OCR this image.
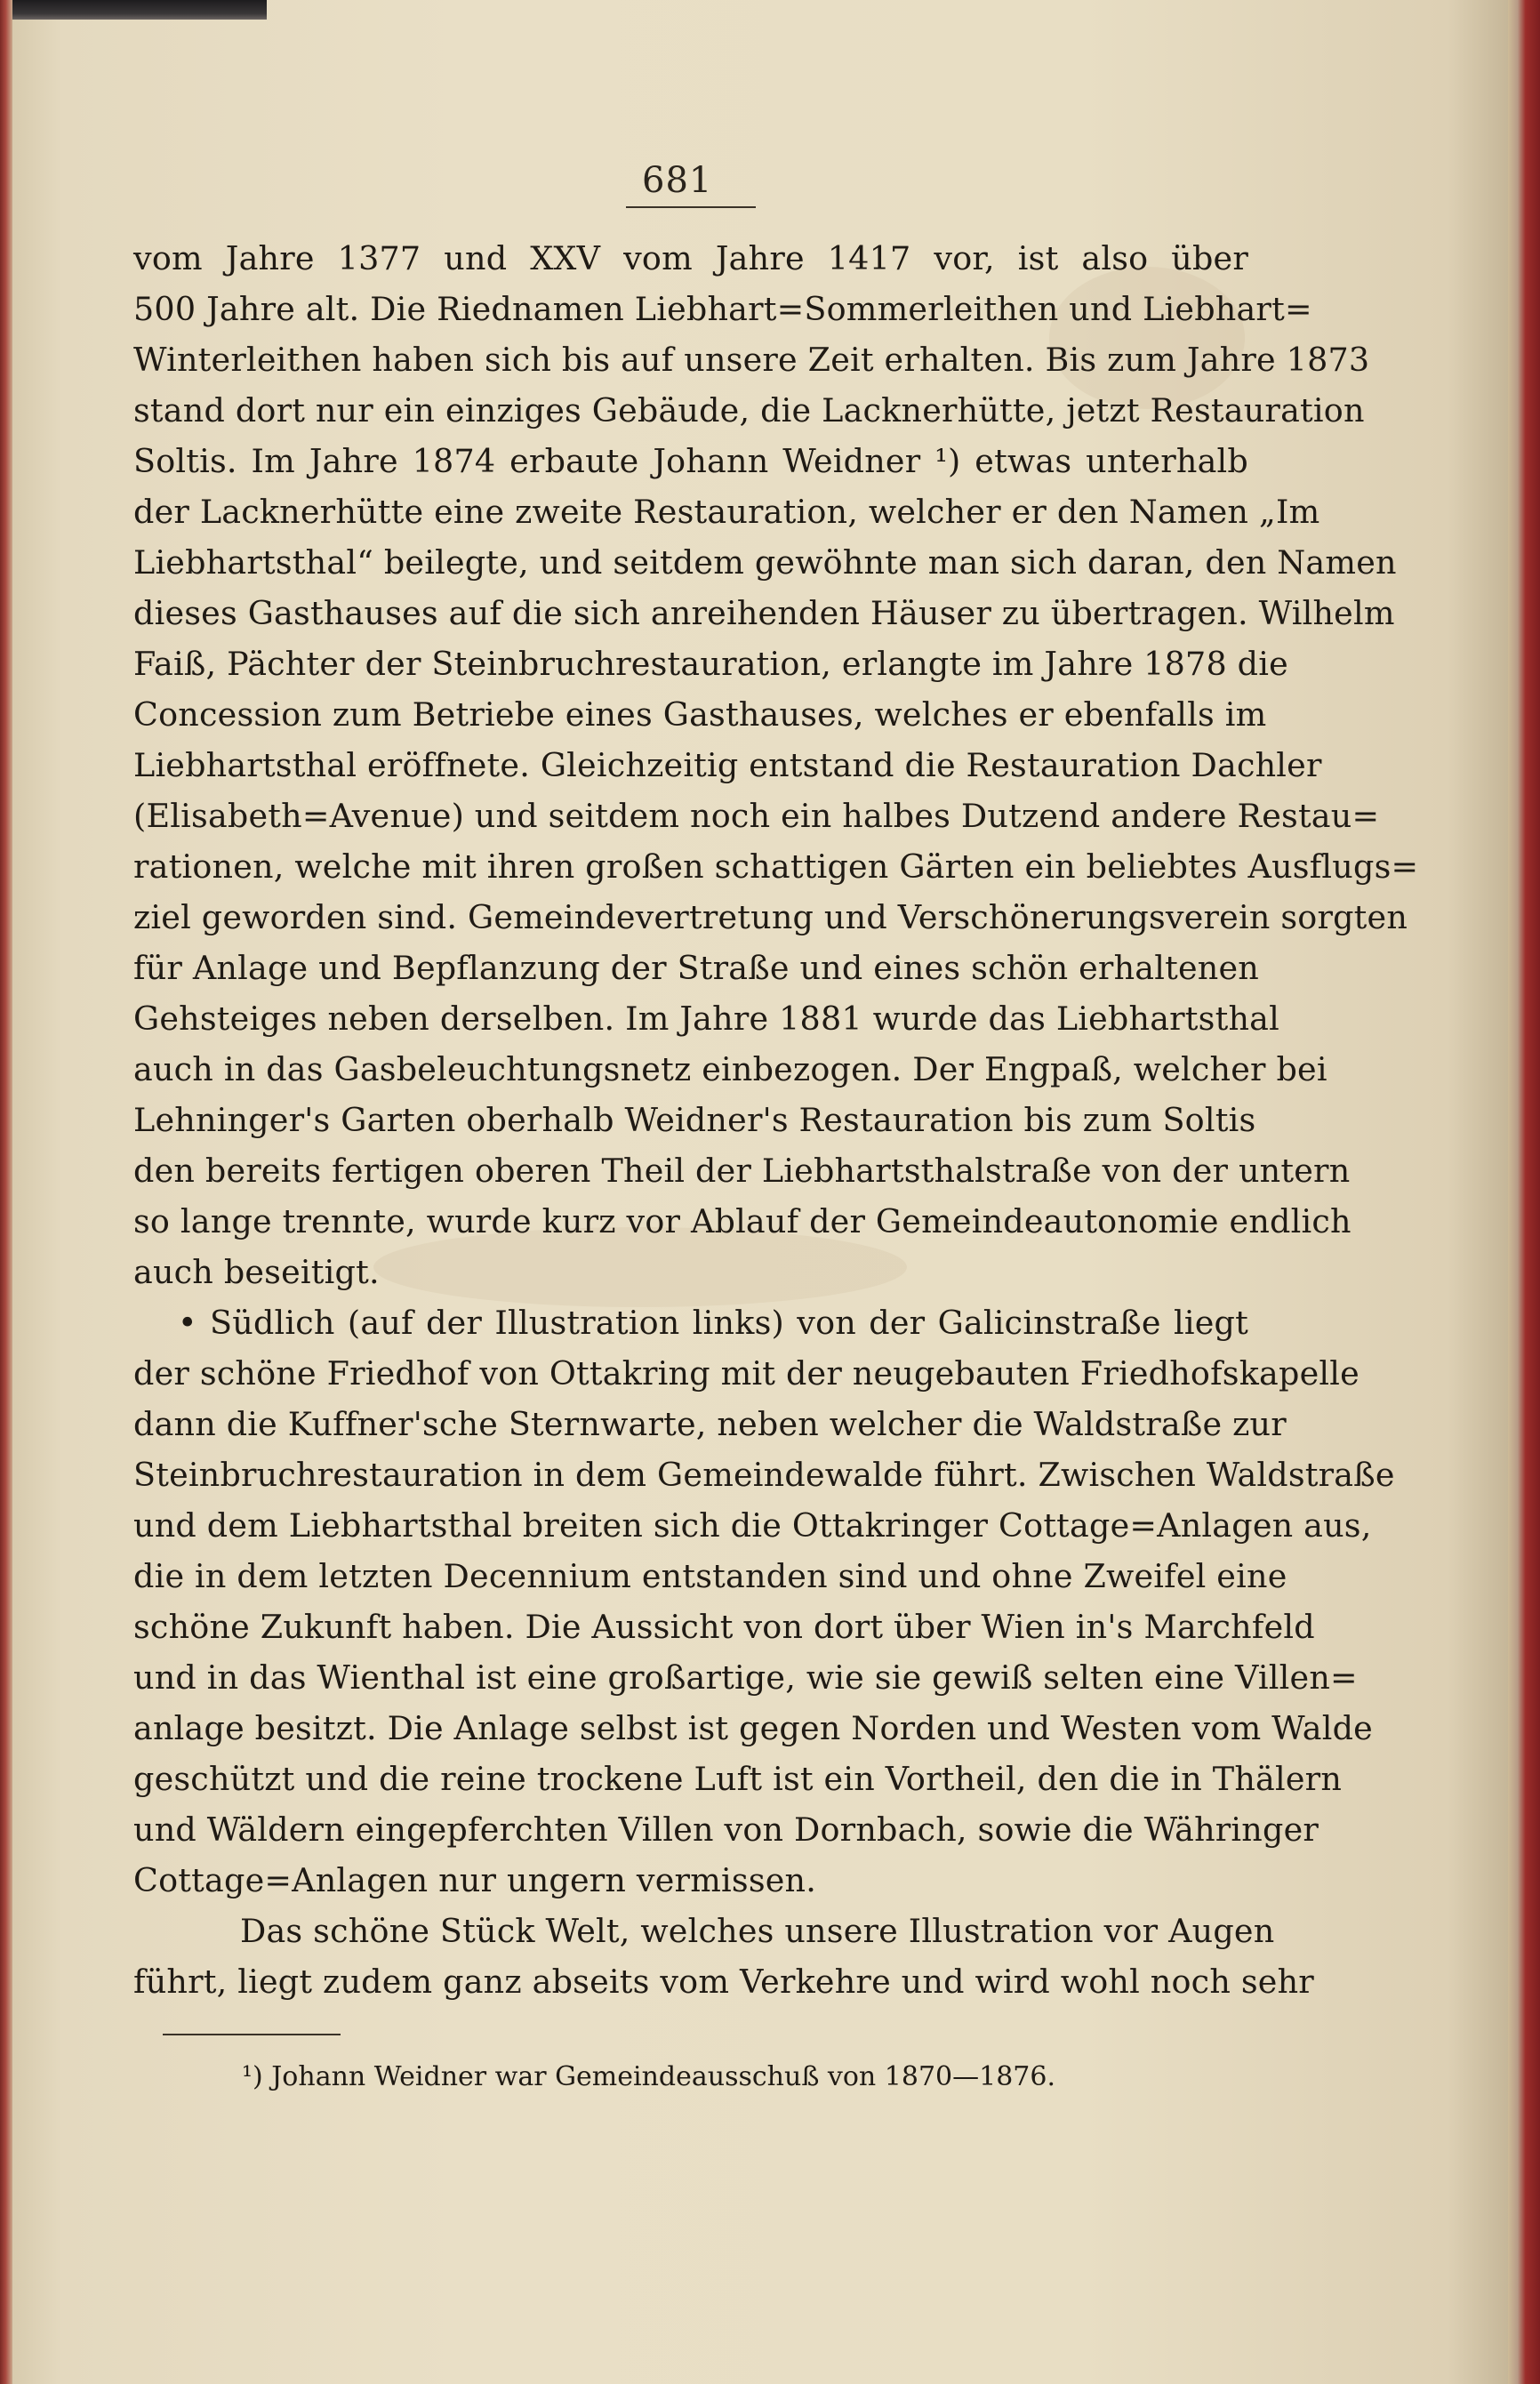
681
vom Jahre 1377 und XXV vom Jahre 1417 vor, ist also über
500 Jahre alt. Die Riednamen Liebhart=Sommerleithen und Liebhart=
Winterleithen haben sich bis auf unsere Zeit erhalten. Bis zum Jahre 1873
stand dort nur ein einziges Gebäude, die Lacknerhütte, jetzt Restauration
Soltis. Im Jahre 1874 erbaute Johann Weidner ¹) etwas unterhalb
der Lacknerhütte eine zweite Restauration, welcher er den Namen „Im
Liebhartsthal“ beilegte, und seitdem gewöhnte man sich daran, den Namen
dieses Gasthauses auf die sich anreihenden Häuser zu übertragen. Wilhelm
Faiß, Pächter der Steinbruchrestauration, erlangte im Jahre 1878 die
Concession zum Betriebe eines Gasthauses, welches er ebenfalls im
Liebhartsthal eröffnete. Gleichzeitig entstand die Restauration Dachler
(Elisabeth=Avenue) und seitdem noch ein halbes Dutzend andere Restau=
rationen, welche mit ihren großen schattigen Gärten ein beliebtes Ausflugs=
ziel geworden sind. Gemeindevertretung und Verschönerungsverein sorgten
für Anlage und Bepflanzung der Straße und eines schön erhaltenen
Gehsteiges neben derselben. Im Jahre 1881 wurde das Liebhartsthal
auch in das Gasbeleuchtungsnetz einbezogen. Der Engpaß, welcher bei
Lehninger's Garten oberhalb Weidner's Restauration bis zum Soltis
den bereits fertigen oberen Theil der Liebhartsthalstraße von der untern
so lange trennte, wurde kurz vor Ablauf der Gemeindeautonomie endlich
auch beseitigt.
• Südlich (auf der Illustration links) von der Galicinstraße liegt
der schöne Friedhof von Ottakring mit der neugebauten Friedhofskapelle
dann die Kuffner'sche Sternwarte, neben welcher die Waldstraße zur
Steinbruchrestauration in dem Gemeindewalde führt. Zwischen Waldstraße
und dem Liebhartsthal breiten sich die Ottakringer Cottage=Anlagen aus,
die in dem letzten Decennium entstanden sind und ohne Zweifel eine
schöne Zukunft haben. Die Aussicht von dort über Wien in's Marchfeld
und in das Wienthal ist eine großartige, wie sie gewiß selten eine Villen=
anlage besitzt. Die Anlage selbst ist gegen Norden und Westen vom Walde
geschützt und die reine trockene Luft ist ein Vortheil, den die in Thälern
und Wäldern eingepferchten Villen von Dornbach, sowie die Währinger
Cottage=Anlagen nur ungern vermissen.
Das schöne Stück Welt, welches unsere Illustration vor Augen
führt, liegt zudem ganz abseits vom Verkehre und wird wohl noch sehr
¹) Johann Weidner war Gemeindeausschuß von 1870—1876.
